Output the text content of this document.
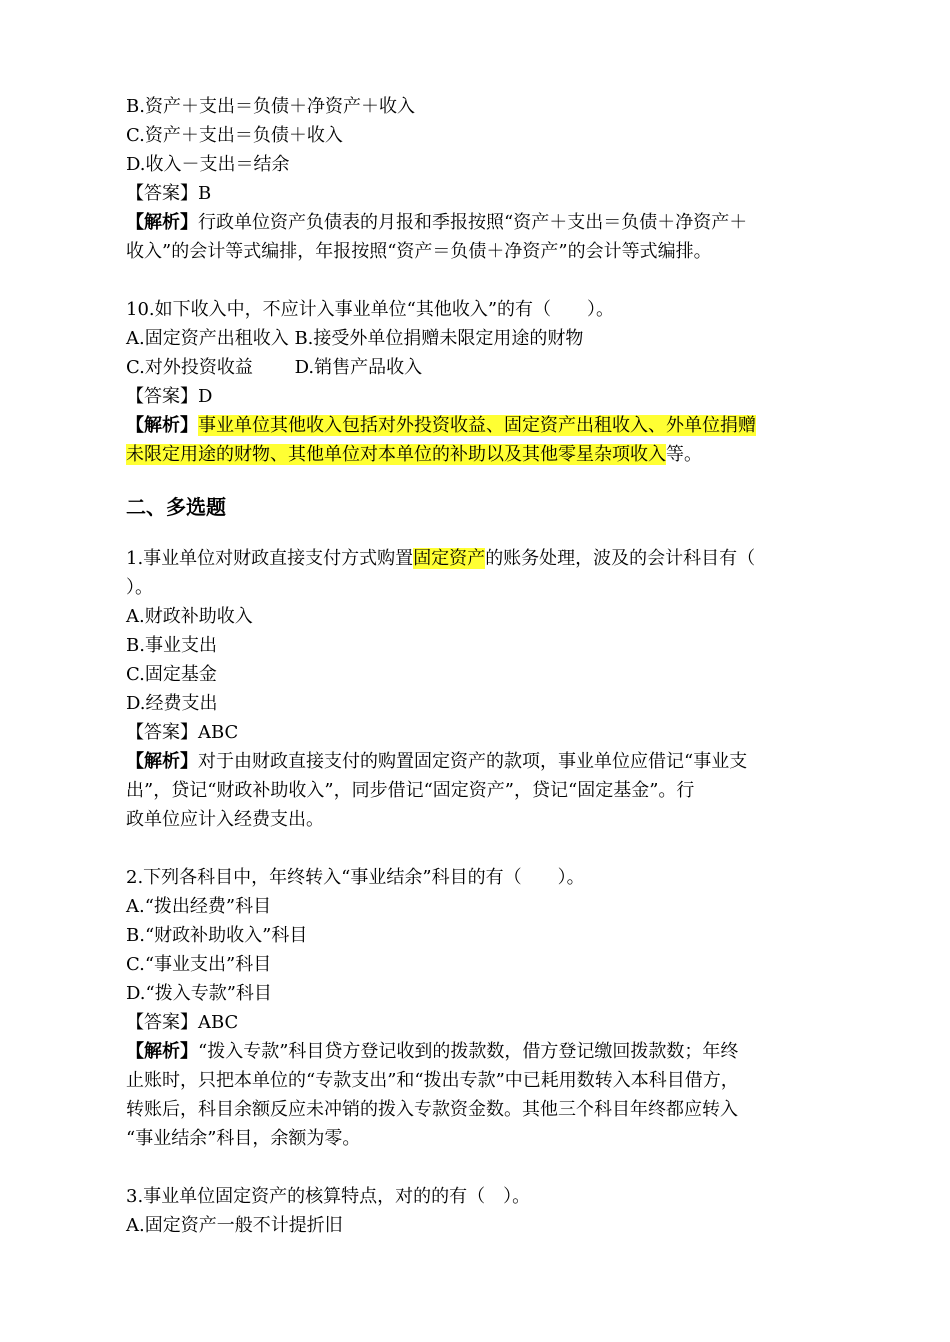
B.资产＋支出＝负债＋净资产＋收入
C.资产＋支出＝负债＋收入
D.收入－支出＝结余
【答案】B
【解析】行政单位资产负债表的月报和季报按照“资产＋支出＝负债＋净资产＋
收入”的会计等式编排，年报按照“资产＝负债＋净资产”的会计等式编排。
10.如下收入中，不应计入事业单位“其他收入”的有（　　）。
A.固定资产出租收入 B.接受外单位捐赠未限定用途的财物
C.对外投资收益　　 D.销售产品收入
【答案】D
【解析】事业单位其他收入包括对外投资收益、固定资产出租收入、外单位捐赠
未限定用途的财物、其他单位对本单位的补助以及其他零星杂项收入等。
二、多选题
1.事业单位对财政直接支付方式购置固定资产的账务处理，波及的会计科目有（
）。
A.财政补助收入
B.事业支出
C.固定基金
D.经费支出
【答案】ABC
【解析】对于由财政直接支付的购置固定资产的款项，事业单位应借记“事业支
出”，贷记“财政补助收入”，同步借记“固定资产”，贷记“固定基金”。行
政单位应计入经费支出。
2.下列各科目中，年终转入“事业结余”科目的有（　　）。
A.“拨出经费”科目
B.“财政补助收入”科目
C.“事业支出”科目
D.“拨入专款”科目
【答案】ABC
【解析】“拨入专款”科目贷方登记收到的拨款数，借方登记缴回拨款数；年终
止账时，只把本单位的“专款支出”和“拨出专款”中已耗用数转入本科目借方，
转账后，科目余额反应未冲销的拨入专款资金数。其他三个科目年终都应转入
“事业结余”科目，余额为零。
3.事业单位固定资产的核算特点，对的的有（　）。
A.固定资产一般不计提折旧
